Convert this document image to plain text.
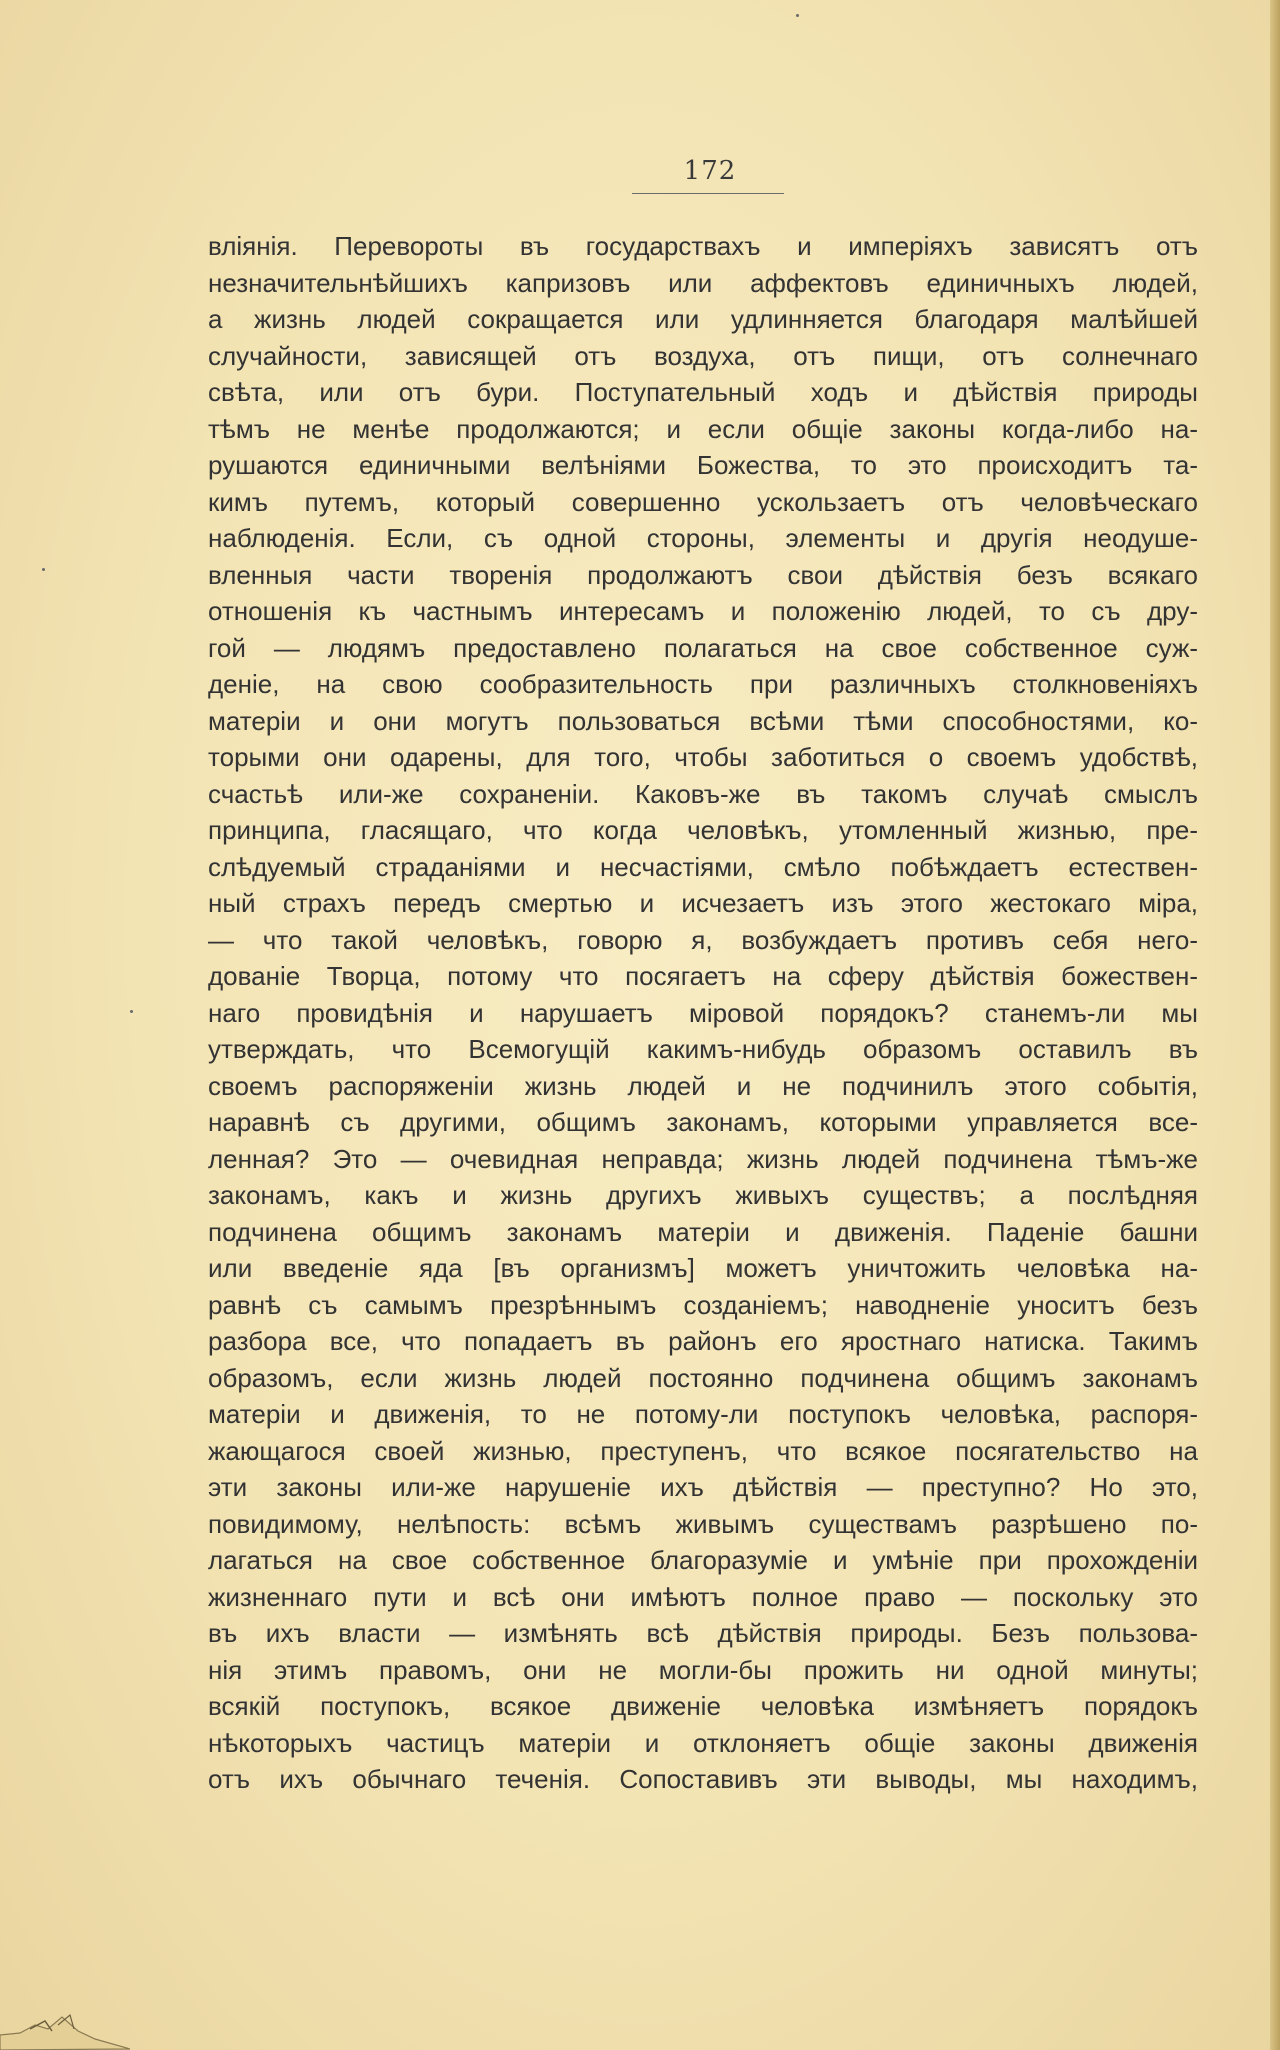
172
вліянія. Перевороты въ государствахъ и имперіяхъ зависятъ отъ
незначительнѣйшихъ капризовъ или аффектовъ единичныхъ людей,
а жизнь людей сокращается или удлинняется благодаря малѣйшей
случайности, зависящей отъ воздуха, отъ пищи, отъ солнечнаго
свѣта, или отъ бури. Поступательный ходъ и дѣйствія природы
тѣмъ не менѣе продолжаются; и если общіе законы когда-либо на-
рушаются единичными велѣніями Божества, то это происходитъ та-
кимъ путемъ, который совершенно ускользаетъ отъ человѣческаго
наблюденія. Если, съ одной стороны, элементы и другія неодуше-
вленныя части творенія продолжаютъ свои дѣйствія безъ всякаго
отношенія къ частнымъ интересамъ и положенію людей, то съ дру-
гой — людямъ предоставлено полагаться на свое собственное суж-
деніе, на свою сообразительность при различныхъ столкновеніяхъ
матеріи и они могутъ пользоваться всѣми тѣми способностями, ко-
торыми они одарены, для того, чтобы заботиться о своемъ удобствѣ,
счастьѣ или-же сохраненіи. Каковъ-же въ такомъ случаѣ смыслъ
принципа, гласящаго, что когда человѣкъ, утомленный жизнью, пре-
слѣдуемый страданіями и несчастіями, смѣло побѣждаетъ естествен-
ный страхъ передъ смертью и исчезаетъ изъ этого жестокаго міра,
— что такой человѣкъ, говорю я, возбуждаетъ противъ себя него-
дованіе Творца, потому что посягаетъ на сферу дѣйствія божествен-
наго провидѣнія и нарушаетъ міровой порядокъ? станемъ-ли мы
утверждать, что Всемогущій какимъ-нибудь образомъ оставилъ въ
своемъ распоряженіи жизнь людей и не подчинилъ этого событія,
наравнѣ съ другими, общимъ законамъ, которыми управляется все-
ленная? Это — очевидная неправда; жизнь людей подчинена тѣмъ-же
законамъ, какъ и жизнь другихъ живыхъ существъ; а послѣдняя
подчинена общимъ законамъ матеріи и движенія. Паденіе башни
или введеніе яда [въ организмъ] можетъ уничтожить человѣка на-
равнѣ съ самымъ презрѣннымъ созданіемъ; наводненіе уноситъ безъ
разбора все, что попадаетъ въ районъ его яростнаго натиска. Такимъ
образомъ, если жизнь людей постоянно подчинена общимъ законамъ
матеріи и движенія, то не потому-ли поступокъ человѣка, распоря-
жающагося своей жизнью, преступенъ, что всякое посягательство на
эти законы или-же нарушеніе ихъ дѣйствія — преступно? Но это,
повидимому, нелѣпость: всѣмъ живымъ существамъ разрѣшено по-
лагаться на свое собственное благоразуміе и умѣніе при прохожденіи
жизненнаго пути и всѣ они имѣютъ полное право — поскольку это
въ ихъ власти — измѣнять всѣ дѣйствія природы. Безъ пользова-
нія этимъ правомъ, они не могли-бы прожить ни одной минуты;
всякій поступокъ, всякое движеніе человѣка измѣняетъ порядокъ
нѣкоторыхъ частицъ матеріи и отклоняетъ общіе законы движенія
отъ ихъ обычнаго теченія. Сопоставивъ эти выводы, мы находимъ,
